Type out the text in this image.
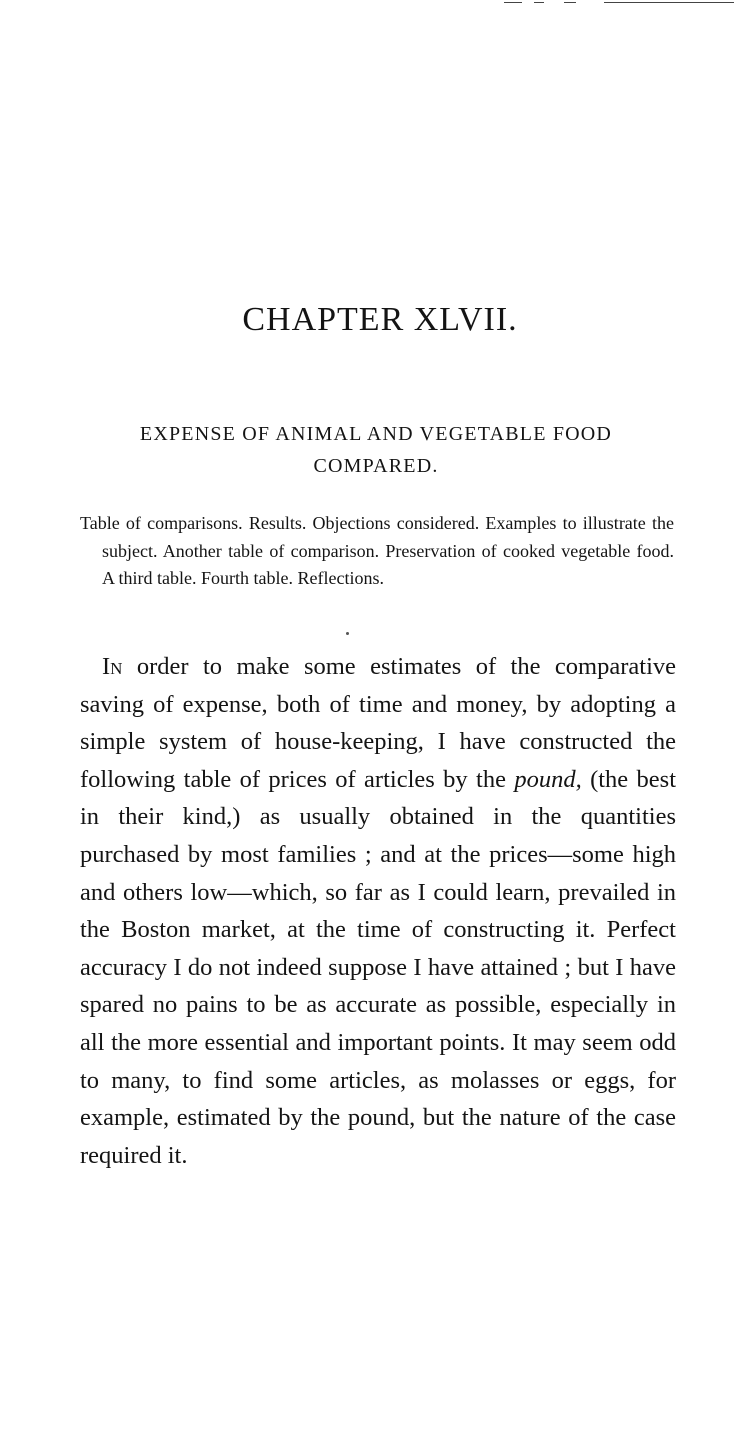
CHAPTER XLVII.
EXPENSE OF ANIMAL AND VEGETABLE FOOD
COMPARED.
Table of comparisons. Results. Objections considered. Examples to illustrate the subject. Another table of comparison. Preservation of cooked vegetable food. A third table. Fourth table. Reflections.
In order to make some estimates of the comparative saving of expense, both of time and money, by adopting a simple system of house-keeping, I have constructed the following table of prices of articles by the pound, (the best in their kind,) as usually obtained in the quantities purchased by most families ; and at the prices—some high and others low—which, so far as I could learn, prevailed in the Boston market, at the time of constructing it. Perfect accuracy I do not indeed suppose I have attained ; but I have spared no pains to be as accurate as possible, especially in all the more essential and important points. It may seem odd to many, to find some articles, as molasses or eggs, for example, estimated by the pound, but the nature of the case required it.
